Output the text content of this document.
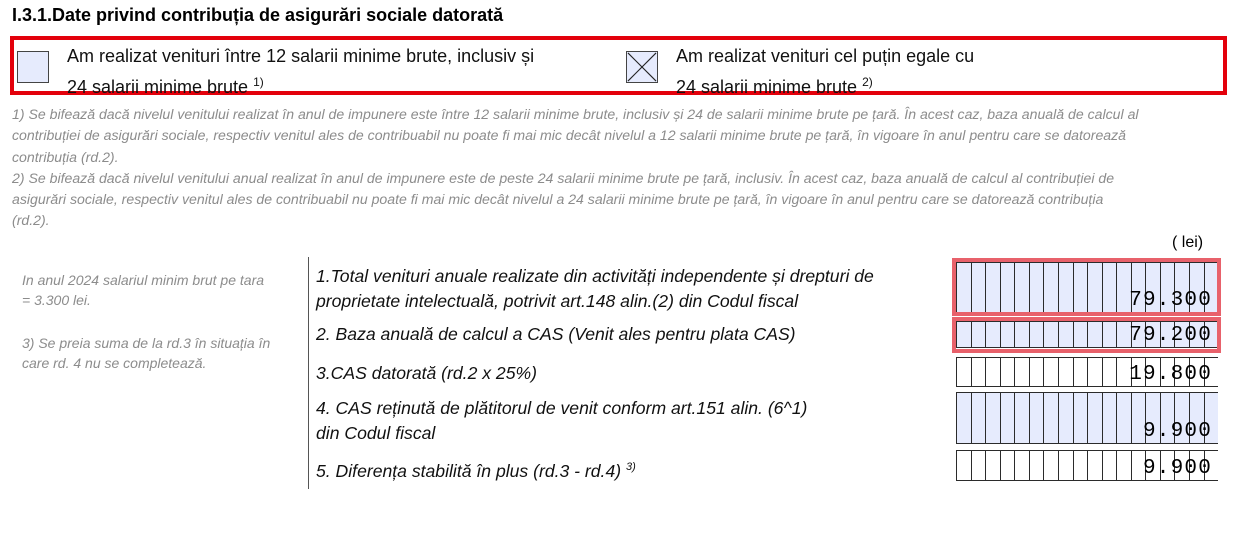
I.3.1.Date privind contribuția de asigurări sociale datorată
Am realizat venituri între 12 salarii minime brute, inclusiv și
24 salarii minime brute $^{1)}$
Am realizat venituri cel puțin egale cu
24 salarii minime brute $^{2)}$

1) Se bifează dacă nivelul venitului realizat în anul de impunere este între 12 salarii minime brute, inclusiv și 24 de salarii minime brute pe țară. În acest caz, baza anuală de calcul al

contribuției de asigurări sociale, respectiv venitul ales de contribuabil nu poate fi mai mic decât nivelul a 12 salarii minime brute pe țară, în vigoare în anul pentru care se datorează

contribuția (rd.2).

2) Se bifează dacă nivelul venitului anual realizat în anul de impunere este de peste 24 salarii minime brute pe țară, inclusiv. În acest caz, baza anuală de calcul al contribuției de

asigurări sociale, respectiv venitul ales de contribuabil nu poate fi mai mic decât nivelul a 24 salarii minime brute pe țară, în vigoare în anul pentru care se datorează contribuția

(rd.2).

( lei)
In anul 2024 salariul minim brut pe tara
= 3.300 lei.
3) Se preia suma de la rd.3 în situația în
care rd. 4 nu se completează.
1.Total venituri anuale realizate din activități independente și drepturi de
proprietate intelectuală, potrivit art.148 alin.(2) din Codul fiscal	79.300
2. Baza anuală de calcul a CAS (Venit ales pentru plata CAS)	79.200
3.CAS datorată (rd.2 x 25%)	19.800
4. CAS reținută de plătitorul de venit conform art.151 alin. (6^1)
din Codul fiscal	9.900
5. Diferența stabilită în plus (rd.3 - rd.4) $^{3)}$	9.900
